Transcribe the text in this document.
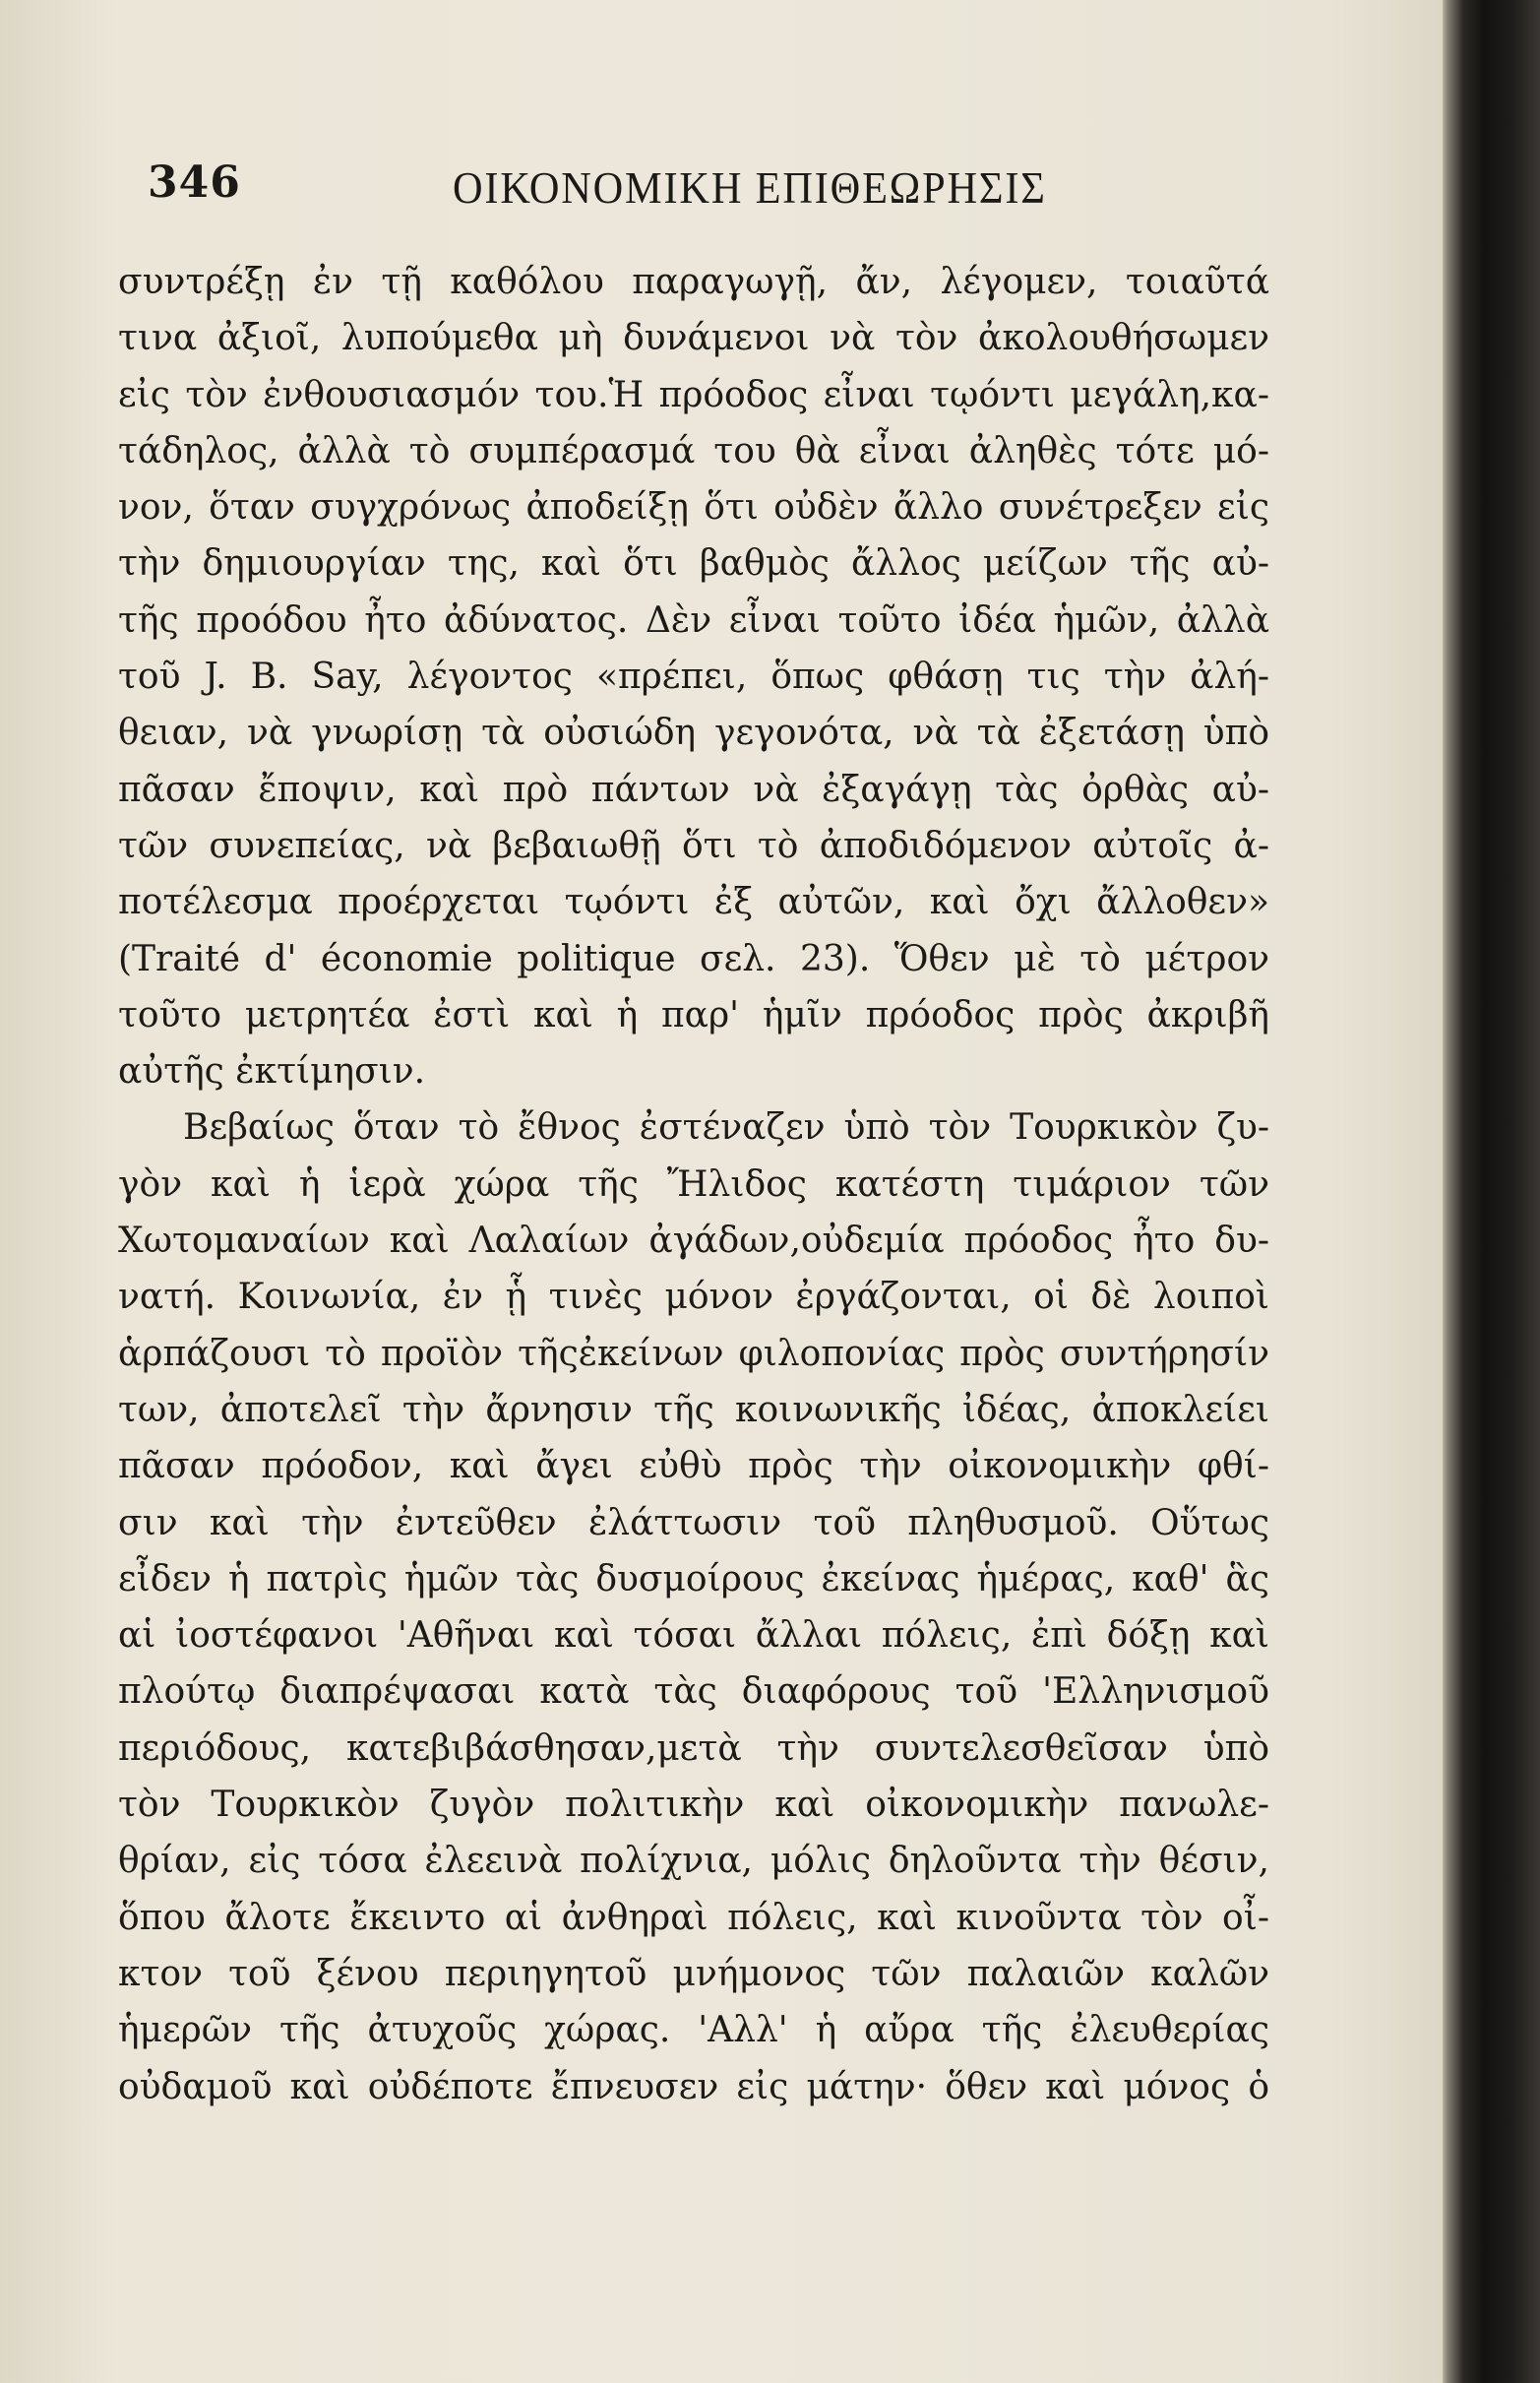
346	ΟΙΚΟΝΟΜΙΚΗ ΕΠΙΘΕΩΡΗΣΙΣ
συντρέξῃ ἐν τῇ καθόλου παραγωγῇ, ἄν, λέγομεν, τοιαῦτά
τινα ἀξιοῖ, λυπούμεθα μὴ δυνάμενοι νὰ τὸν ἀκολουθήσωμεν
εἰς τὸν ἐνθουσιασμόν του.Ἡ πρόοδος εἶναι τῳόντι μεγάλη,κα-
τάδηλος, ἀλλὰ τὸ συμπέρασμά του θὰ εἶναι ἀληθὲς τότε μό-
νον, ὅταν συγχρόνως ἀποδείξῃ ὅτι οὐδὲν ἄλλο συνέτρεξεν εἰς
τὴν δημιουργίαν της, καὶ ὅτι βαθμὸς ἄλλος μείζων τῆς αὐ-
τῆς προόδου ἦτο ἀδύνατος. Δὲν εἶναι τοῦτο ἰδέα ἡμῶν, ἀλλὰ
τοῦ J. B. Say, λέγοντος «πρέπει, ὅπως φθάσῃ τις τὴν ἀλή-
θειαν, νὰ γνωρίσῃ τὰ οὐσιώδη γεγονότα, νὰ τὰ ἐξετάσῃ ὑπὸ
πᾶσαν ἔποψιν, καὶ πρὸ πάντων νὰ ἐξαγάγῃ τὰς ὀρθὰς αὐ-
τῶν συνεπείας, νὰ βεβαιωθῇ ὅτι τὸ ἀποδιδόμενον αὐτοῖς ἀ-
ποτέλεσμα προέρχεται τῳόντι ἐξ αὐτῶν, καὶ ὄχι ἄλλοθεν»
(Traité d' économie politique σελ. 23). Ὅθεν μὲ τὸ μέτρον
τοῦτο μετρητέα ἐστὶ καὶ ἡ παρ' ἡμῖν πρόοδος πρὸς ἀκριβῆ
αὐτῆς ἐκτίμησιν.
Βεβαίως ὅταν τὸ ἔθνος ἐστέναζεν ὑπὸ τὸν Τουρκικὸν ζυ-
γὸν καὶ ἡ ἱερὰ χώρα τῆς Ἤλιδος κατέστη τιμάριον τῶν
Χωτομαναίων καὶ Λαλαίων ἀγάδων,οὐδεμία πρόοδος ἦτο δυ-
νατή. Κοινωνία, ἐν ᾗ τινὲς μόνον ἐργάζονται, οἱ δὲ λοιποὶ
ἁρπάζουσι τὸ προϊὸν τῆςἐκείνων φιλοπονίας πρὸς συντήρησίν
των, ἀποτελεῖ τὴν ἄρνησιν τῆς κοινωνικῆς ἰδέας, ἀποκλείει
πᾶσαν πρόοδον, καὶ ἄγει εὐθὺ πρὸς τὴν οἰκονομικὴν φθί-
σιν καὶ τὴν ἐντεῦθεν ἐλάττωσιν τοῦ πληθυσμοῦ. Οὕτως
εἶδεν ἡ πατρὶς ἡμῶν τὰς δυσμοίρους ἐκείνας ἡμέρας, καθ' ἃς
αἱ ἰοστέφανοι 'Αθῆναι καὶ τόσαι ἄλλαι πόλεις, ἐπὶ δόξῃ καὶ
πλούτῳ διαπρέψασαι κατὰ τὰς διαφόρους τοῦ 'Ελληνισμοῦ
περιόδους, κατεβιβάσθησαν,μετὰ τὴν συντελεσθεῖσαν ὑπὸ
τὸν Τουρκικὸν ζυγὸν πολιτικὴν καὶ οἰκονομικὴν πανωλε-
θρίαν, εἰς τόσα ἐλεεινὰ πολίχνια, μόλις δηλοῦντα τὴν θέσιν,
ὅπου ἄλοτε ἔκειντο αἱ ἀνθηραὶ πόλεις, καὶ κινοῦντα τὸν οἶ-
κτον τοῦ ξένου περιηγητοῦ μνήμονος τῶν παλαιῶν καλῶν
ἡμερῶν τῆς ἀτυχοῦς χώρας. 'Αλλ' ἡ αὔρα τῆς ἐλευθερίας
οὐδαμοῦ καὶ οὐδέποτε ἔπνευσεν εἰς μάτην· ὅθεν καὶ μόνος ὁ
